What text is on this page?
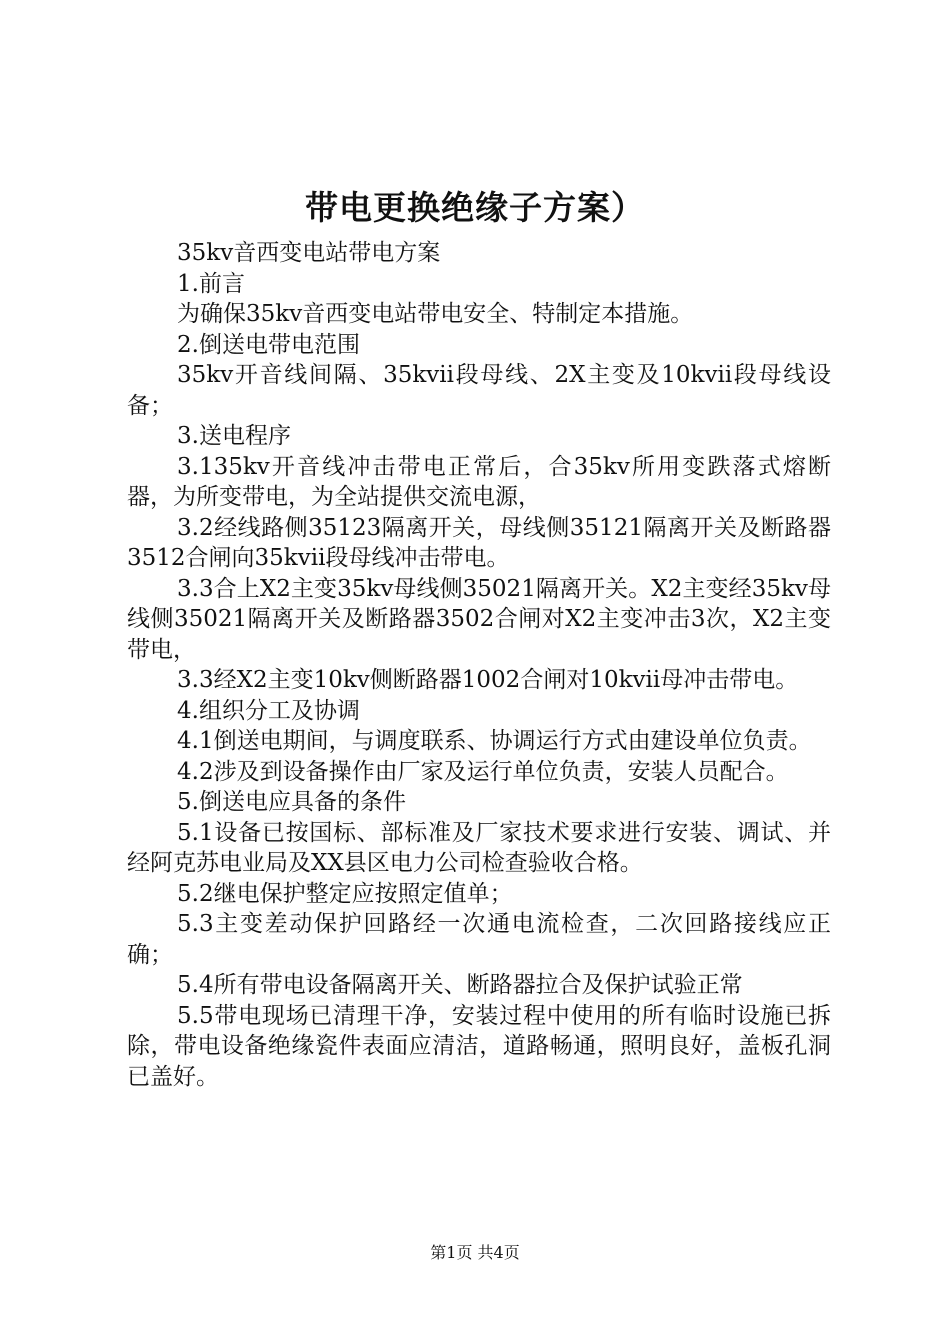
带电更换绝缘子方案）

35kv音西变电站带电方案

1.前言

为确保35kv音西变电站带电安全、特制定本措施。

2.倒送电带电范围

35kv开音线间隔、35kvii段母线、2X主变及10kvii段母线设备；

3.送电程序

3.135kv开音线冲击带电正常后，合35kv所用变跌落式熔断器，为所变带电，为全站提供交流电源，

3.2经线路侧35123隔离开关，母线侧35121隔离开关及断路器3512合闸向35kvii段母线冲击带电。

3.3合上X2主变35kv母线侧35021隔离开关。X2主变经35kv母线侧35021隔离开关及断路器3502合闸对X2主变冲击3次，X2主变带电，

3.3经X2主变10kv侧断路器1002合闸对10kvii母冲击带电。

4.组织分工及协调

4.1倒送电期间，与调度联系、协调运行方式由建设单位负责。

4.2涉及到设备操作由厂家及运行单位负责，安装人员配合。

5.倒送电应具备的条件

5.1设备已按国标、部标准及厂家技术要求进行安装、调试、并经阿克苏电业局及XX县区电力公司检查验收合格。

5.2继电保护整定应按照定值单；

5.3主变差动保护回路经一次通电流检查，二次回路接线应正确；

5.4所有带电设备隔离开关、断路器拉合及保护试验正常

5.5带电现场已清理干净，安装过程中使用的所有临时设施已拆除，带电设备绝缘瓷件表面应清洁，道路畅通，照明良好，盖板孔洞已盖好。

第1页 共4页
